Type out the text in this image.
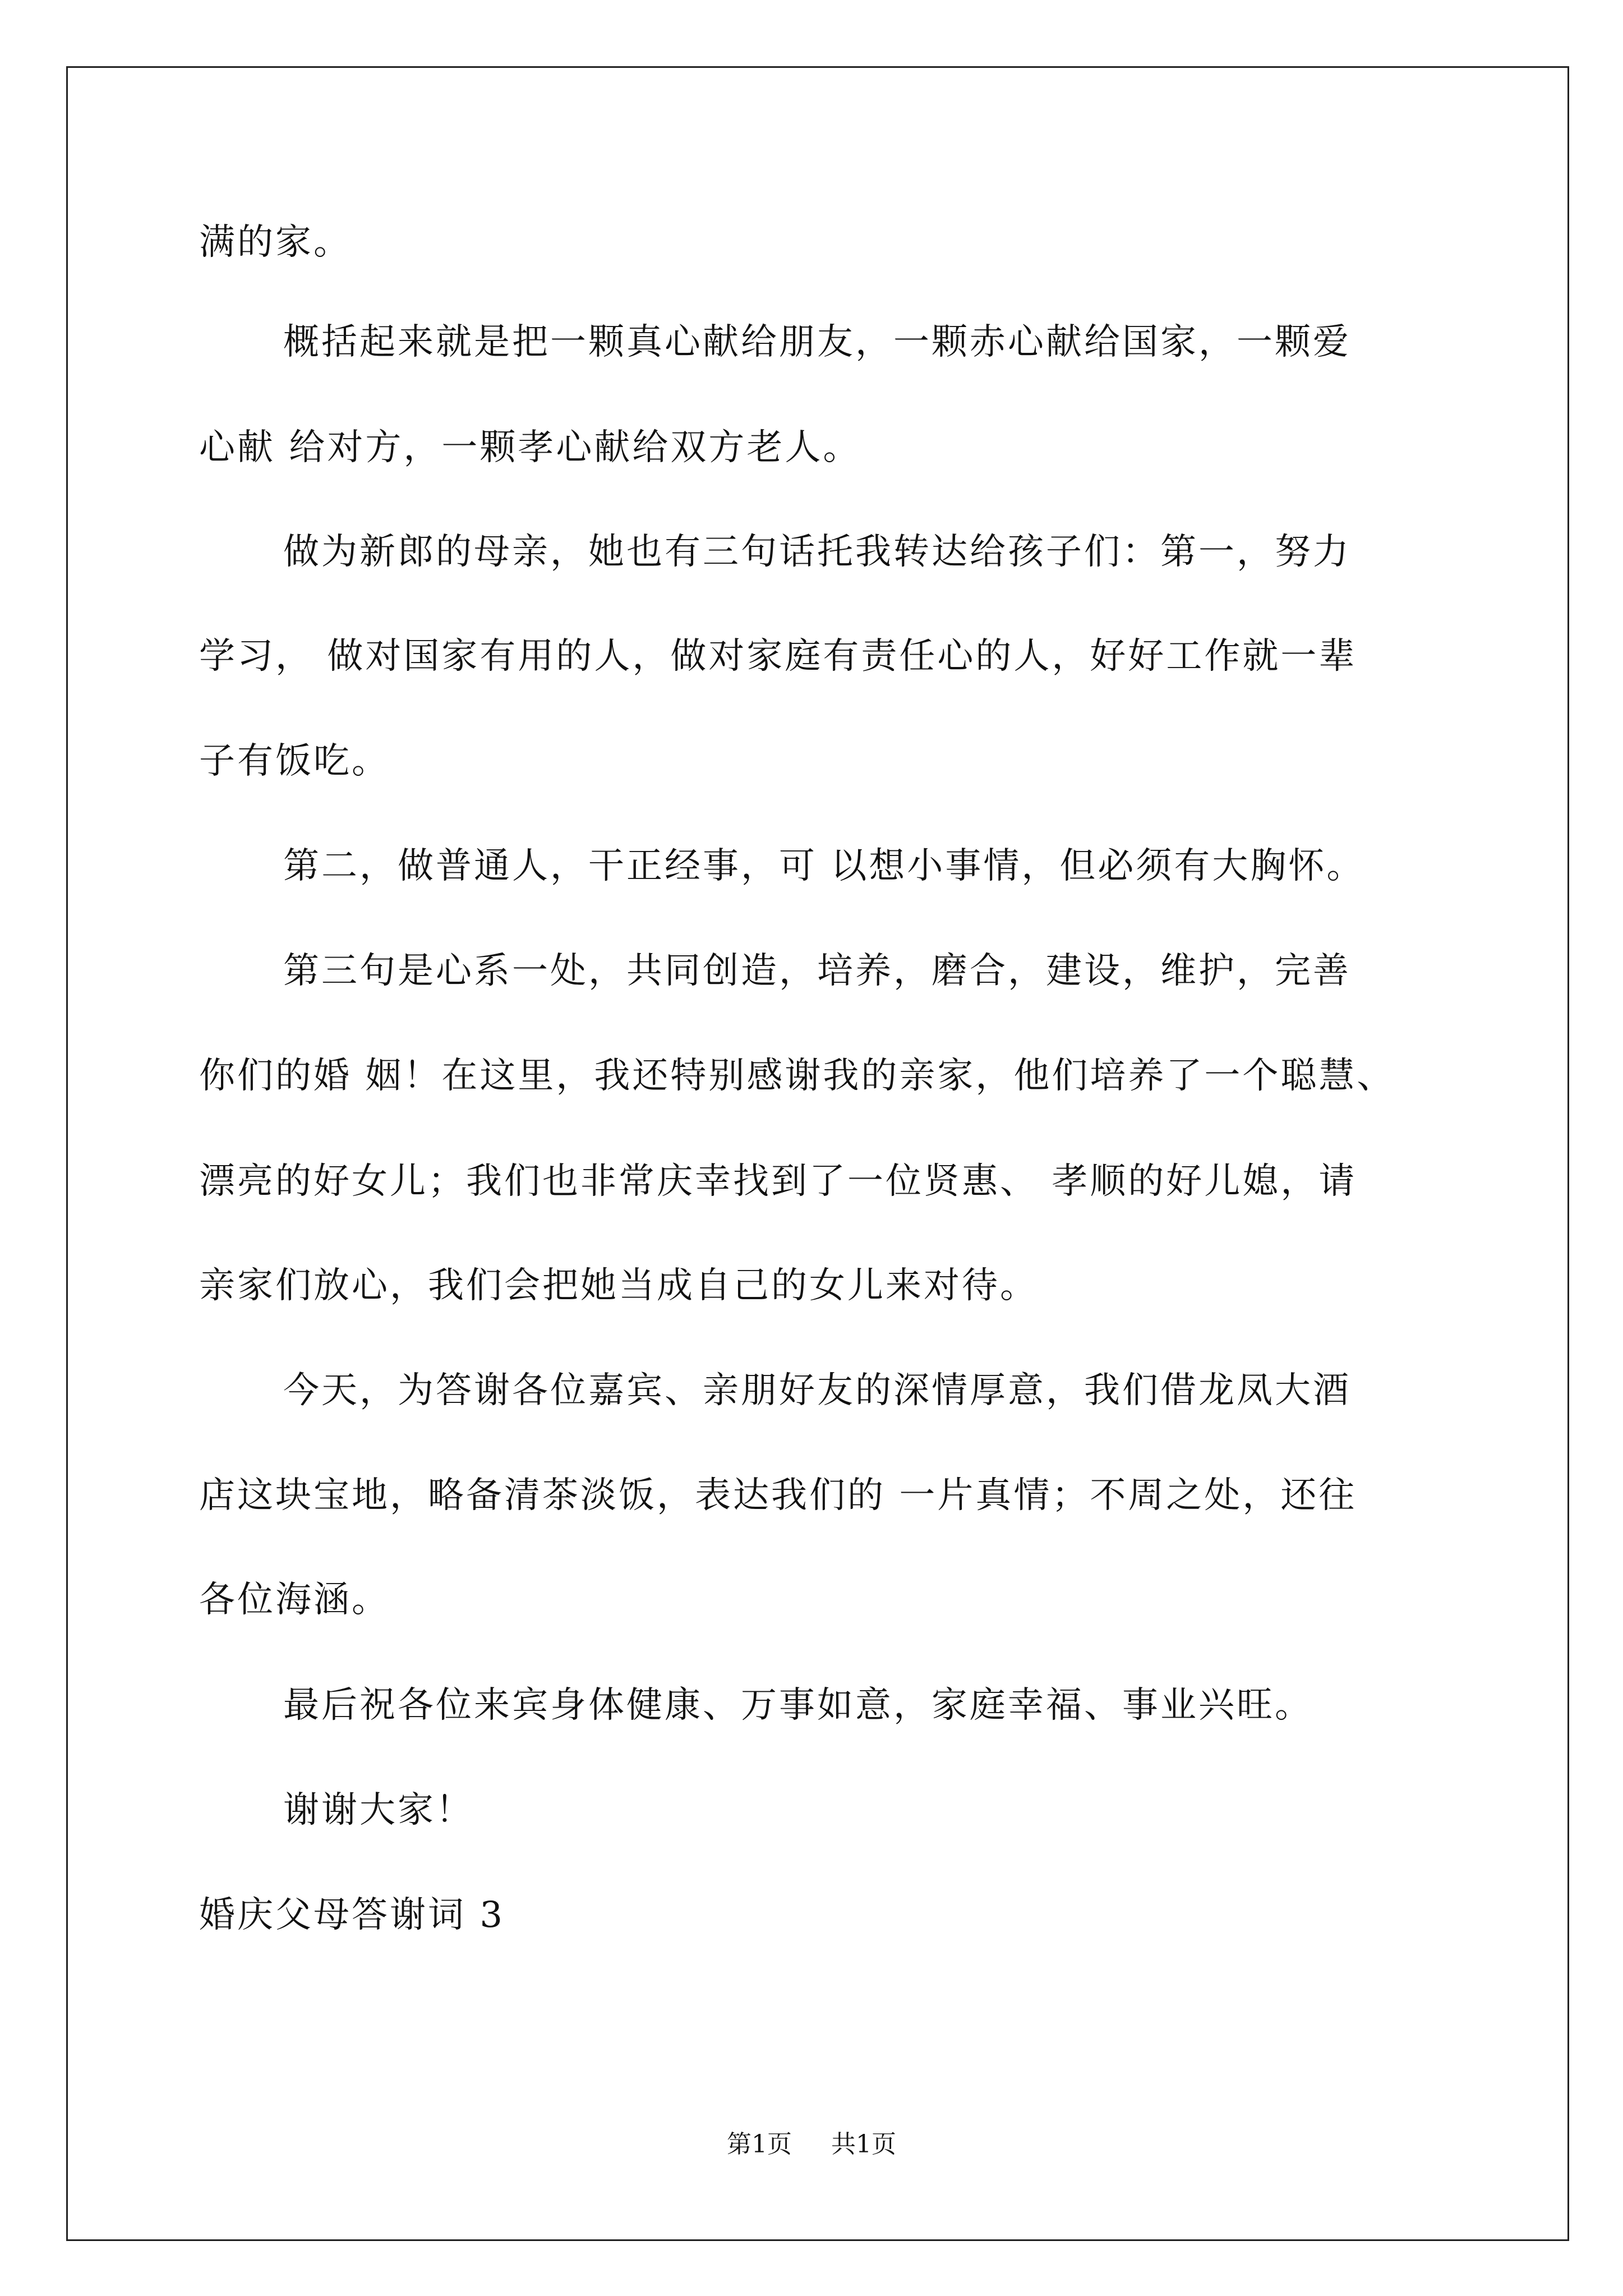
满的家。
概括起来就是把一颗真心献给朋友，一颗赤心献给国家，一颗爱
心献 给对方，一颗孝心献给双方老人。
做为新郎的母亲，她也有三句话托我转达给孩子们：第一，努力
学习， 做对国家有用的人，做对家庭有责任心的人，好好工作就一辈
子有饭吃。
第二，做普通人，干正经事，可 以想小事情，但必须有大胸怀。
第三句是心系一处，共同创造，培养，磨合，建设，维护，完善
你们的婚 姻！在这里，我还特别感谢我的亲家，他们培养了一个聪慧、
漂亮的好女儿；我们也非常庆幸找到了一位贤惠、 孝顺的好儿媳，请
亲家们放心，我们会把她当成自己的女儿来对待。
今天，为答谢各位嘉宾、亲朋好友的深情厚意，我们借龙凤大酒
店这块宝地，略备清茶淡饭，表达我们的 一片真情；不周之处，还往
各位海涵。
最后祝各位来宾身体健康、万事如意，家庭幸福、事业兴旺。
谢谢大家！
婚庆父母答谢词 3
第1页 共1页
